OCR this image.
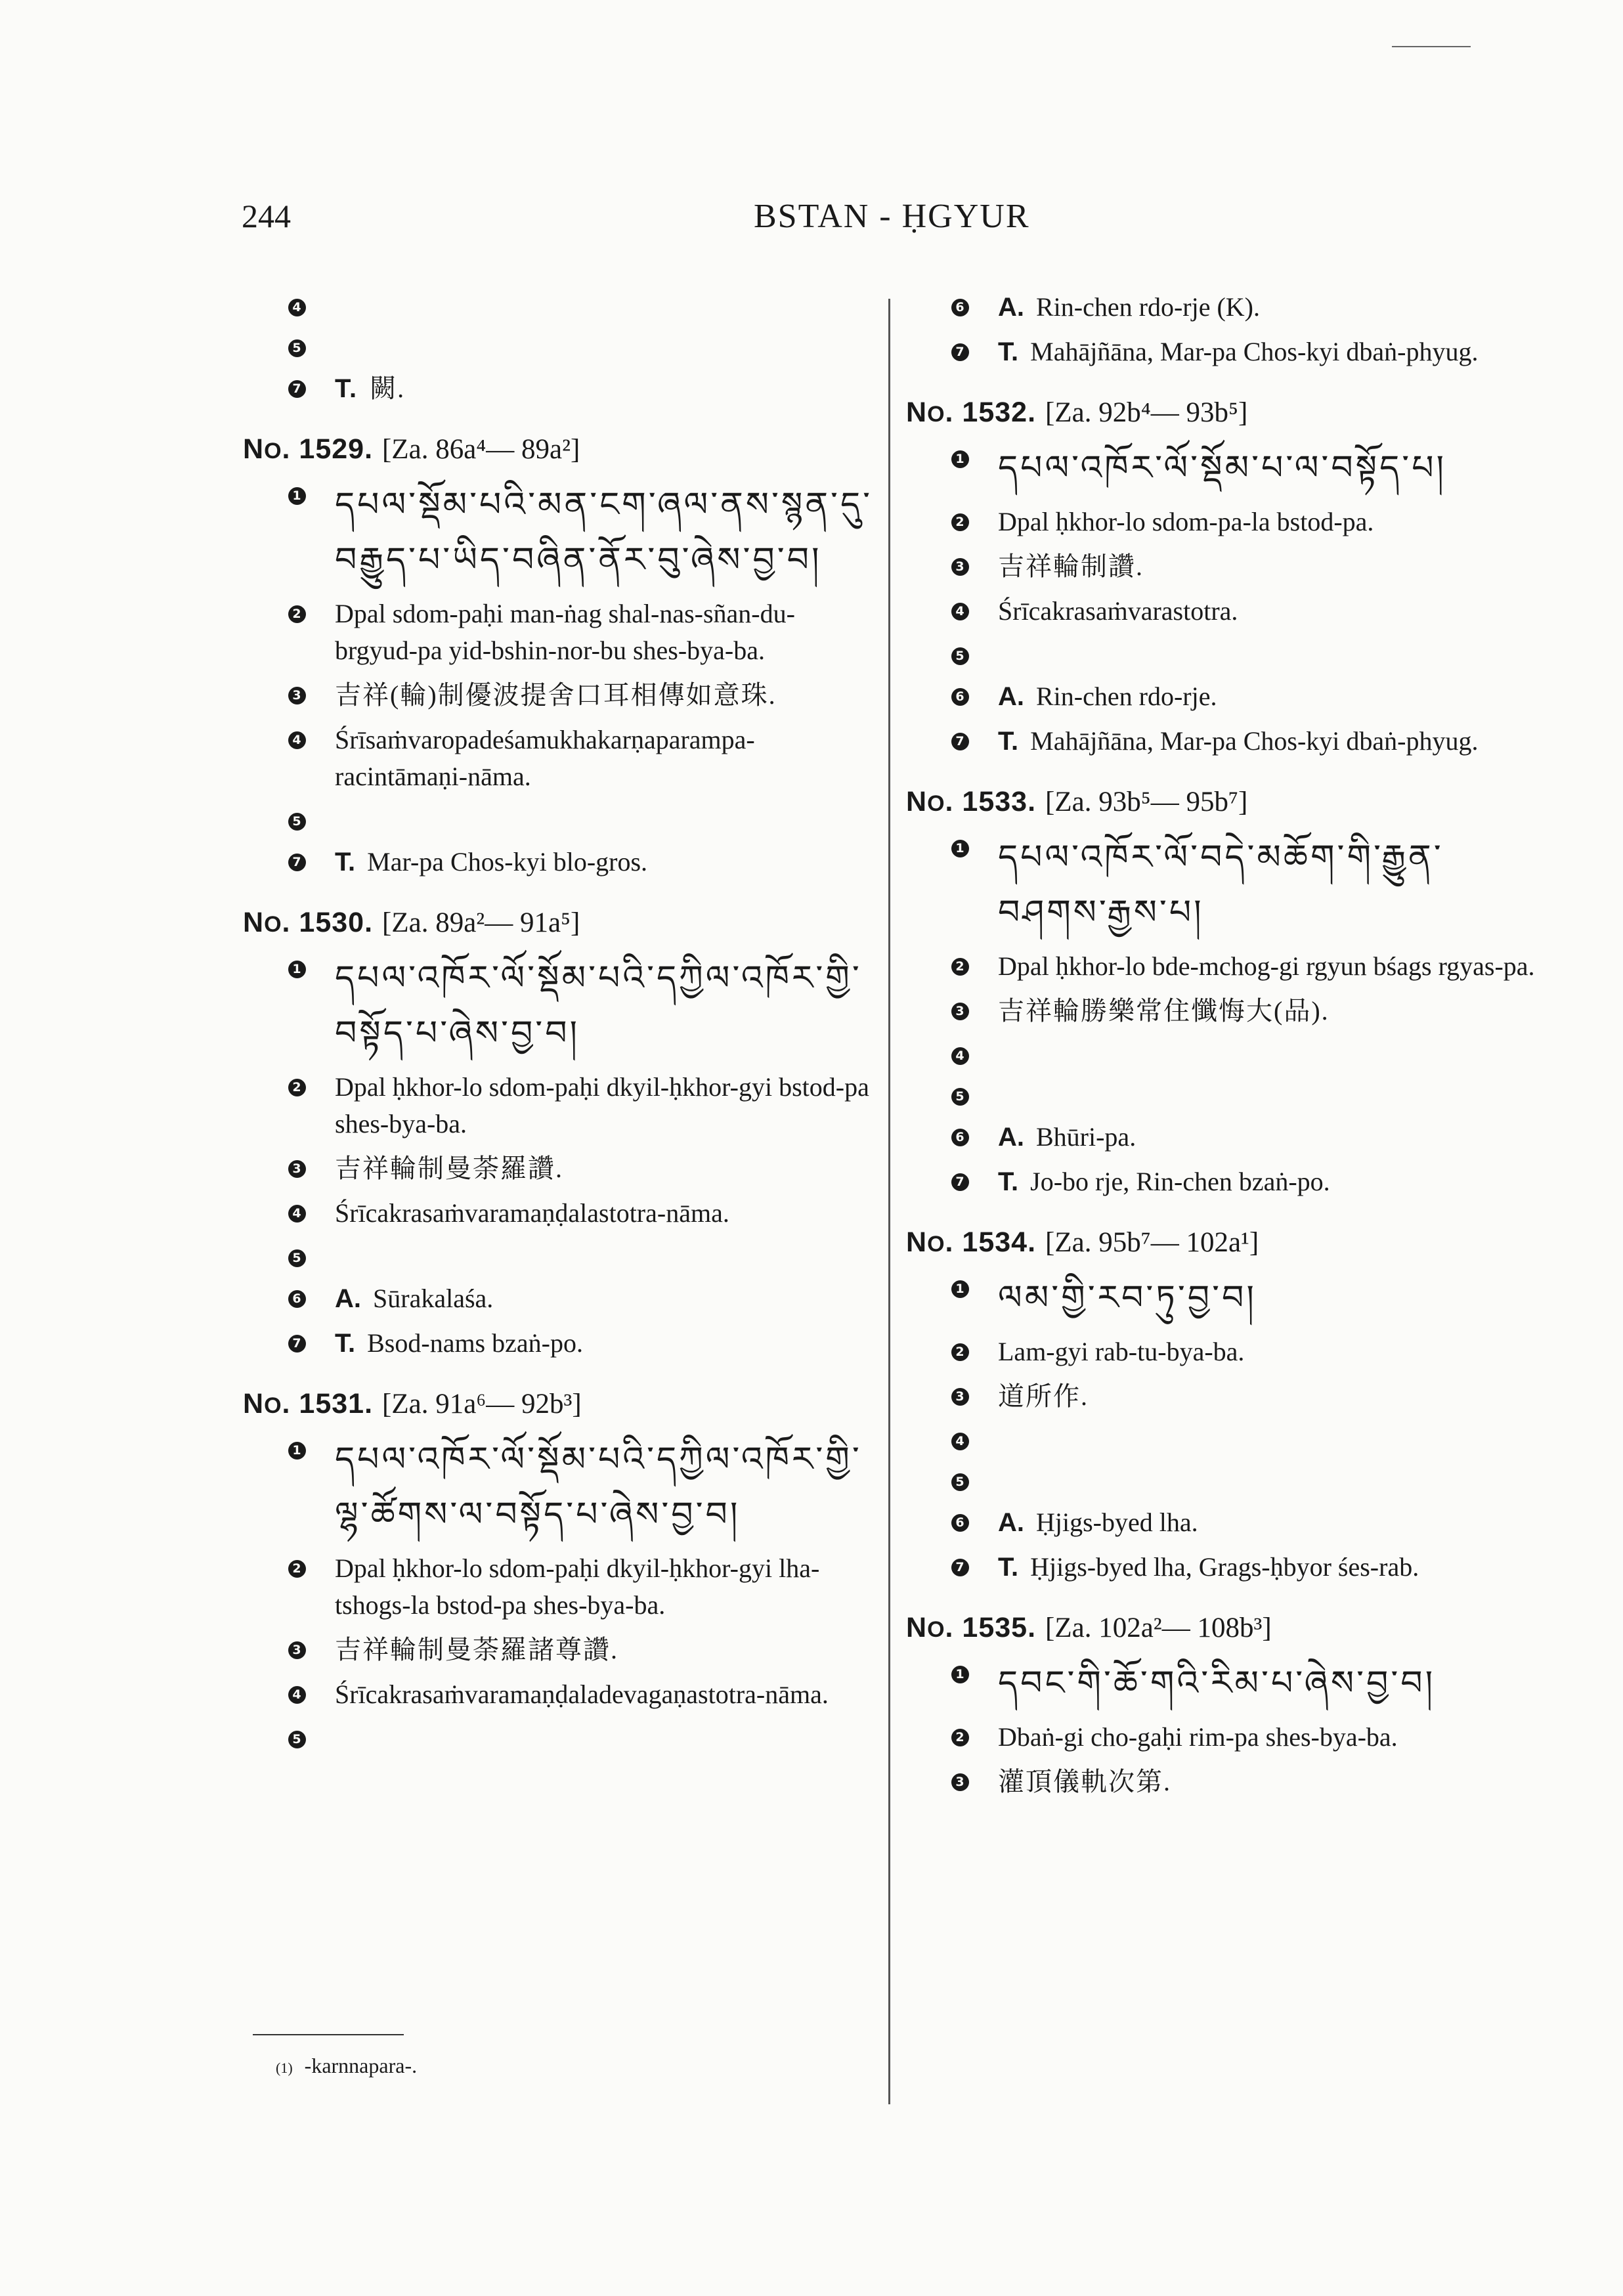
244	BSTAN - ḤGYUR
4
5
7 T. 闕.
NO. 1529. [Za. 86a⁴— 89a²]
1 དཔལ་སྡོམ་པའི་མན་ངག་ཞལ་ནས་སྙན་དུ་བརྒྱུད་པ་ཡིད་བཞིན་ནོར་བུ་ཞེས་བྱ་བ།
2 Dpal sdom-paḥi man-ṅag shal-nas-sñan-du-brgyud-pa yid-bshin-nor-bu shes-bya-ba.
3 吉祥(輪)制優波提舍口耳相傳如意珠.
4 Śrīsaṁvaropadeśamukhakarṇaparampa-racintāmaṇi-nāma.
5
7 T. Mar-pa Chos-kyi blo-gros.
NO. 1530. [Za. 89a²— 91a⁵]
1 དཔལ་འཁོར་ལོ་སྡོམ་པའི་དཀྱིལ་འཁོར་གྱི་བསྟོད་པ་ཞེས་བྱ་བ།
2 Dpal ḥkhor-lo sdom-paḥi dkyil-ḥkhor-gyi bstod-pa shes-bya-ba.
3 吉祥輪制曼荼羅讚.
4 Śrīcakrasaṁvaramaṇḍalastotra-nāma.
5
6 A. Sūrakalaśa.
7 T. Bsod-nams bzaṅ-po.
NO. 1531. [Za. 91a⁶— 92b³]
1 དཔལ་འཁོར་ལོ་སྡོམ་པའི་དཀྱིལ་འཁོར་གྱི་ལྷ་ཚོགས་ལ་བསྟོད་པ་ཞེས་བྱ་བ།
2 Dpal ḥkhor-lo sdom-paḥi dkyil-ḥkhor-gyi lha-tshogs-la bstod-pa shes-bya-ba.
3 吉祥輪制曼荼羅諸尊讚.
4 Śrīcakrasaṁvaramaṇḍaladevagaṇastotra-nāma.
5
6 A. Rin-chen rdo-rje (K).
7 T. Mahājñāna, Mar-pa Chos-kyi dbaṅ-phyug.
NO. 1532. [Za. 92b⁴— 93b⁵]
1 དཔལ་འཁོར་ལོ་སྡོམ་པ་ལ་བསྟོད་པ།
2 Dpal ḥkhor-lo sdom-pa-la bstod-pa.
3 吉祥輪制讚.
4 Śrīcakrasaṁvarastotra.
5
6 A. Rin-chen rdo-rje.
7 T. Mahājñāna, Mar-pa Chos-kyi dbaṅ-phyug.
NO. 1533. [Za. 93b⁵— 95b⁷]
1 དཔལ་འཁོར་ལོ་བདེ་མཆོག་གི་རྒྱུན་བཤགས་རྒྱས་པ།
2 Dpal ḥkhor-lo bde-mchog-gi rgyun bśags rgyas-pa.
3 吉祥輪勝樂常住懺悔大(品).
4
5
6 A. Bhūri-pa.
7 T. Jo-bo rje, Rin-chen bzaṅ-po.
NO. 1534. [Za. 95b⁷— 102a¹]
1 ལམ་གྱི་རབ་ཏུ་བྱ་བ།
2 Lam-gyi rab-tu-bya-ba.
3 道所作.
4
5
6 A. Ḥjigs-byed lha.
7 T. Ḥjigs-byed lha, Grags-ḥbyor śes-rab.
NO. 1535. [Za. 102a²— 108b³]
1 དབང་གི་ཆོ་གའི་རིམ་པ་ཞེས་བྱ་བ།
2 Dbaṅ-gi cho-gaḥi rim-pa shes-bya-ba.
3 灌頂儀軌次第.
(1) -karnnapara-.
